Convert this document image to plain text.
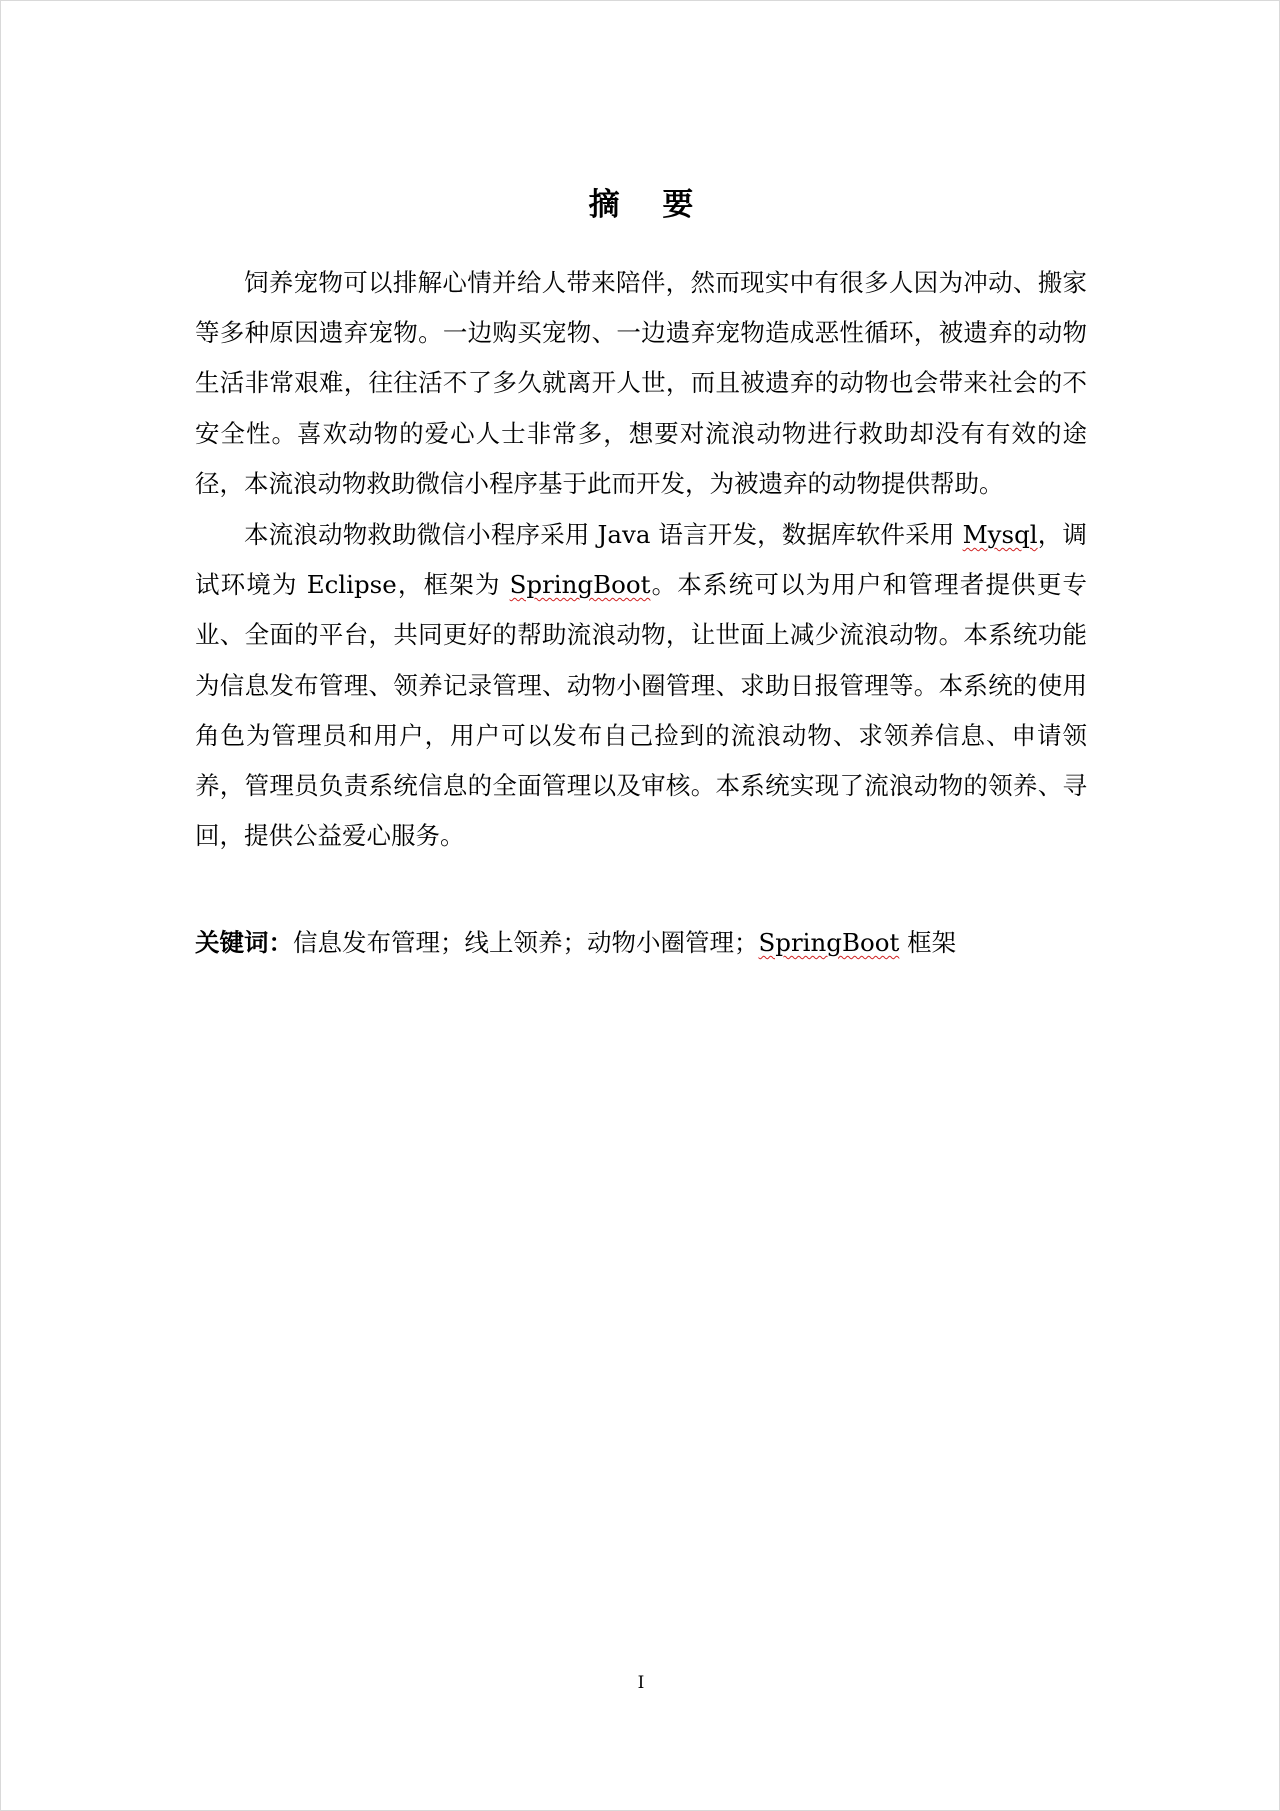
摘 要

饲养宠物可以排解心情并给人带来陪伴，然而现实中有很多人因为冲动、搬家等多种原因遗弃宠物。一边购买宠物、一边遗弃宠物造成恶性循环，被遗弃的动物生活非常艰难，往往活不了多久就离开人世，而且被遗弃的动物也会带来社会的不安全性。喜欢动物的爱心人士非常多，想要对流浪动物进行救助却没有有效的途径，本流浪动物救助微信小程序基于此而开发，为被遗弃的动物提供帮助。

本流浪动物救助微信小程序采用 Java 语言开发，数据库软件采用 Mysql，调试环境为 Eclipse，框架为 SpringBoot。本系统可以为用户和管理者提供更专业、全面的平台，共同更好的帮助流浪动物，让世面上减少流浪动物。本系统功能为信息发布管理、领养记录管理、动物小圈管理、求助日报管理等。本系统的使用角色为管理员和用户，用户可以发布自己捡到的流浪动物、求领养信息、申请领养，管理员负责系统信息的全面管理以及审核。本系统实现了流浪动物的领养、寻回，提供公益爱心服务。

关键词：信息发布管理；线上领养；动物小圈管理；SpringBoot 框架
I
